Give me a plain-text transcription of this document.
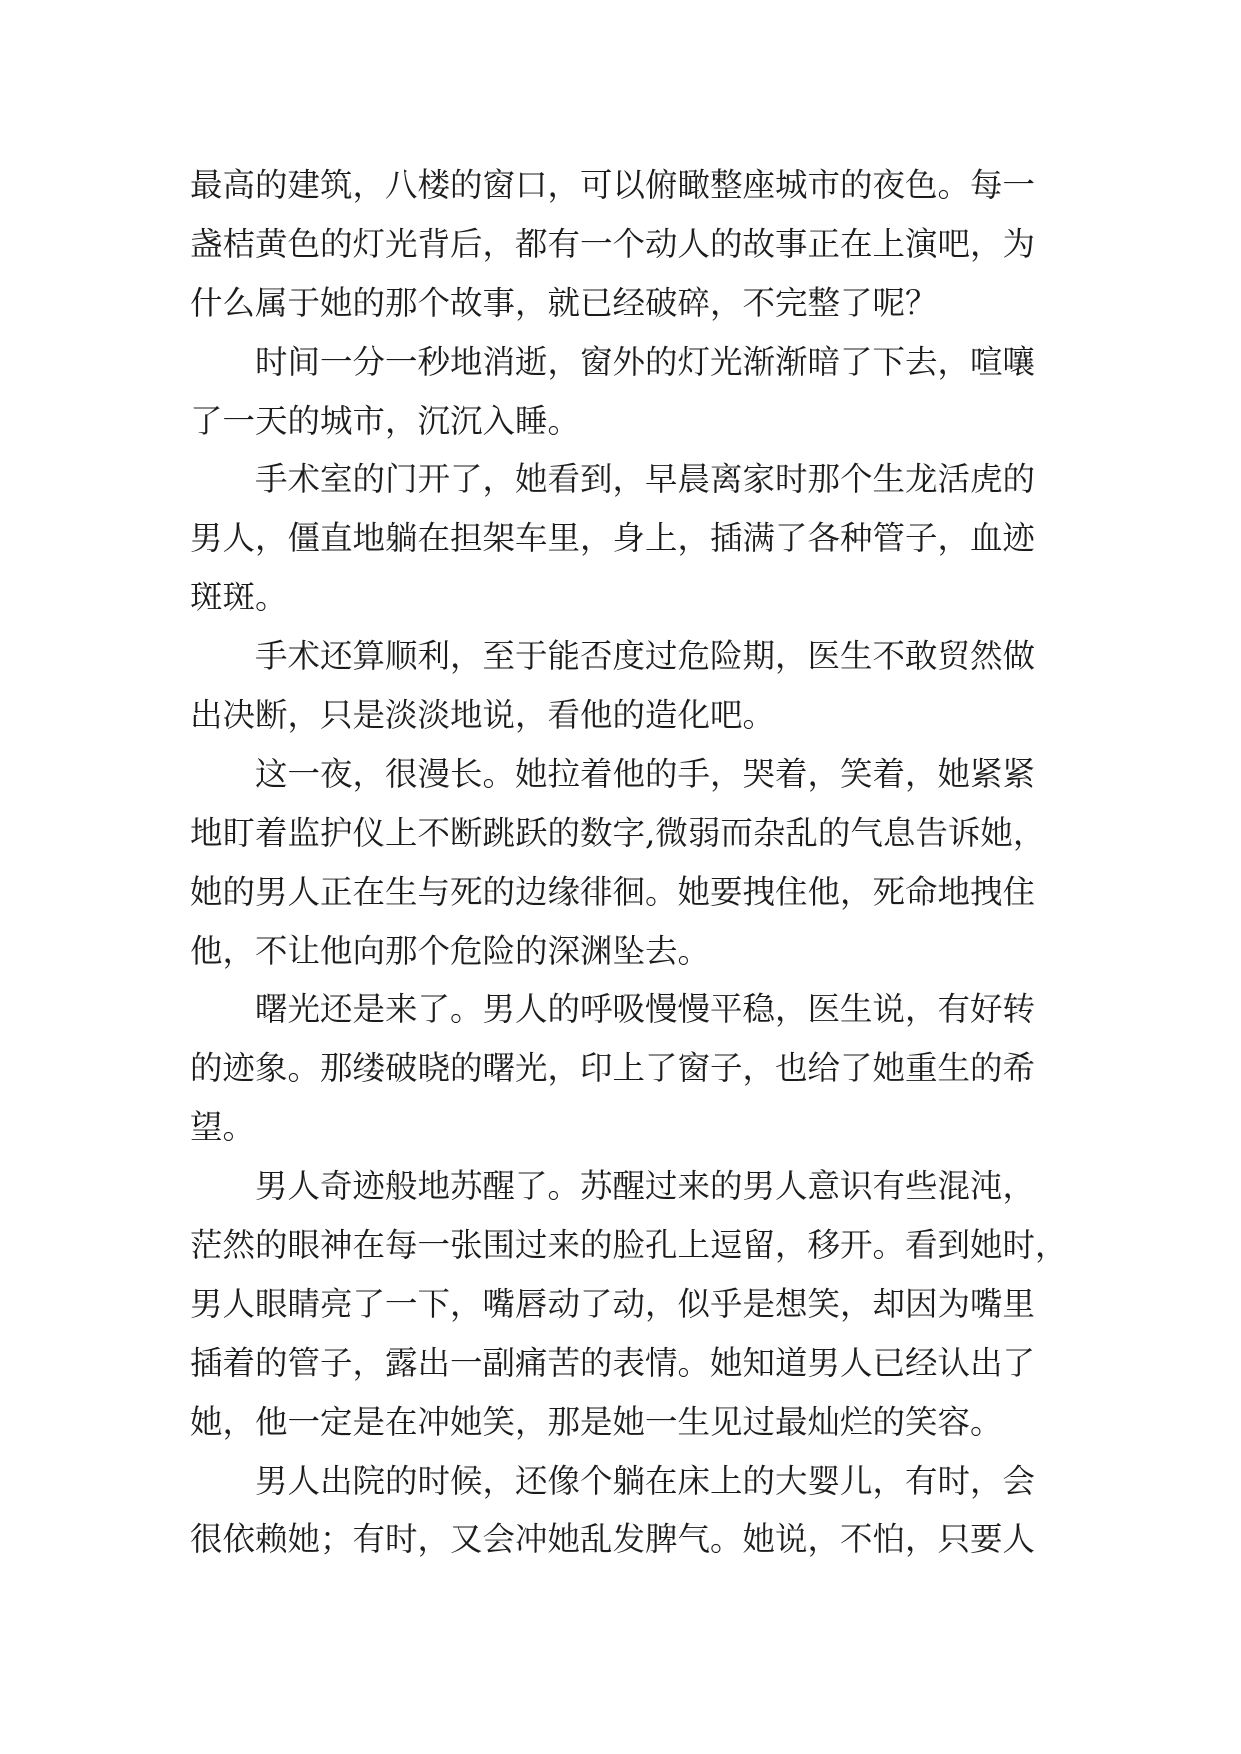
最高的建筑，八楼的窗口，可以俯瞰整座城市的夜色。每一
盏桔黄色的灯光背后，都有一个动人的故事正在上演吧，为
什么属于她的那个故事，就已经破碎，不完整了呢？
时间一分一秒地消逝，窗外的灯光渐渐暗了下去，喧嚷
了一天的城市，沉沉入睡。
手术室的门开了，她看到，早晨离家时那个生龙活虎的
男人，僵直地躺在担架车里，身上，插满了各种管子，血迹
斑斑。
手术还算顺利，至于能否度过危险期，医生不敢贸然做
出决断，只是淡淡地说，看他的造化吧。
这一夜，很漫长。她拉着他的手，哭着，笑着，她紧紧
地盯着监护仪上不断跳跃的数字,微弱而杂乱的气息告诉她，
她的男人正在生与死的边缘徘徊。她要拽住他，死命地拽住
他，不让他向那个危险的深渊坠去。
曙光还是来了。男人的呼吸慢慢平稳，医生说，有好转
的迹象。那缕破晓的曙光，印上了窗子，也给了她重生的希
望。
男人奇迹般地苏醒了。苏醒过来的男人意识有些混沌，
茫然的眼神在每一张围过来的脸孔上逗留，移开。看到她时，
男人眼睛亮了一下，嘴唇动了动，似乎是想笑，却因为嘴里
插着的管子，露出一副痛苦的表情。她知道男人已经认出了
她，他一定是在冲她笑，那是她一生见过最灿烂的笑容。
男人出院的时候，还像个躺在床上的大婴儿，有时，会
很依赖她；有时，又会冲她乱发脾气。她说，不怕，只要人
